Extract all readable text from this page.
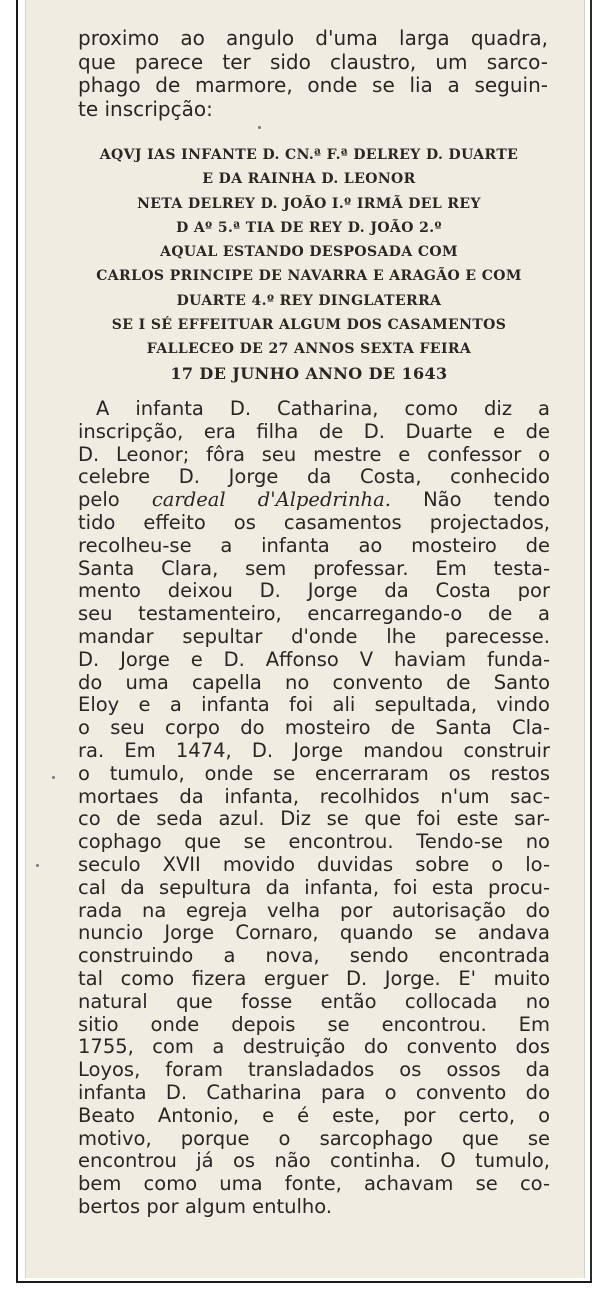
proximo ao angulo d'uma larga quadra,
que parece ter sido claustro, um sarco-
phago de marmore, onde se lia a seguin-
te inscripção:
AQVJ IAS INFANTE D. CN.ª F.ª DELREY D. DUARTE
E DA RAINHA D. LEONOR
NETA DELREY D. JOÃO I.º IRMÃ DEL REY
D Aº 5.ª TIA DE REY D. JOÃO 2.º
AQUAL ESTANDO DESPOSADA COM
CARLOS PRINCIPE DE NAVARRA E ARAGÃO E COM
DUARTE 4.º REY DINGLATERRA
SE I SÉ EFFEITUAR ALGUM DOS CASAMENTOS
FALLECEO DE 27 ANNOS SEXTA FEIRA
17 DE JUNHO ANNO DE 1643
A infanta D. Catharina, como diz a
inscripção, era filha de D. Duarte e de
D. Leonor; fôra seu mestre e confessor o
celebre D. Jorge da Costa, conhecido
pelo cardeal d'Alpedrinha. Não tendo
tido effeito os casamentos projectados,
recolheu-se a infanta ao mosteiro de
Santa Clara, sem professar. Em testa-
mento deixou D. Jorge da Costa por
seu testamenteiro, encarregando-o de a
mandar sepultar d'onde lhe parecesse.
D. Jorge e D. Affonso V haviam funda-
do uma capella no convento de Santo
Eloy e a infanta foi ali sepultada, vindo
o seu corpo do mosteiro de Santa Cla-
ra. Em 1474, D. Jorge mandou construir
o tumulo, onde se encerraram os restos
mortaes da infanta, recolhidos n'um sac-
co de seda azul. Diz se que foi este sar-
cophago que se encontrou. Tendo-se no
seculo XVII movido duvidas sobre o lo-
cal da sepultura da infanta, foi esta procu-
rada na egreja velha por autorisação do
nuncio Jorge Cornaro, quando se andava
construindo a nova, sendo encontrada
tal como fizera erguer D. Jorge. E' muito
natural que fosse então collocada no
sitio onde depois se encontrou. Em
1755, com a destruição do convento dos
Loyos, foram transladados os ossos da
infanta D. Catharina para o convento do
Beato Antonio, e é este, por certo, o
motivo, porque o sarcophago que se
encontrou já os não continha. O tumulo,
bem como uma fonte, achavam se co-
bertos por algum entulho.
